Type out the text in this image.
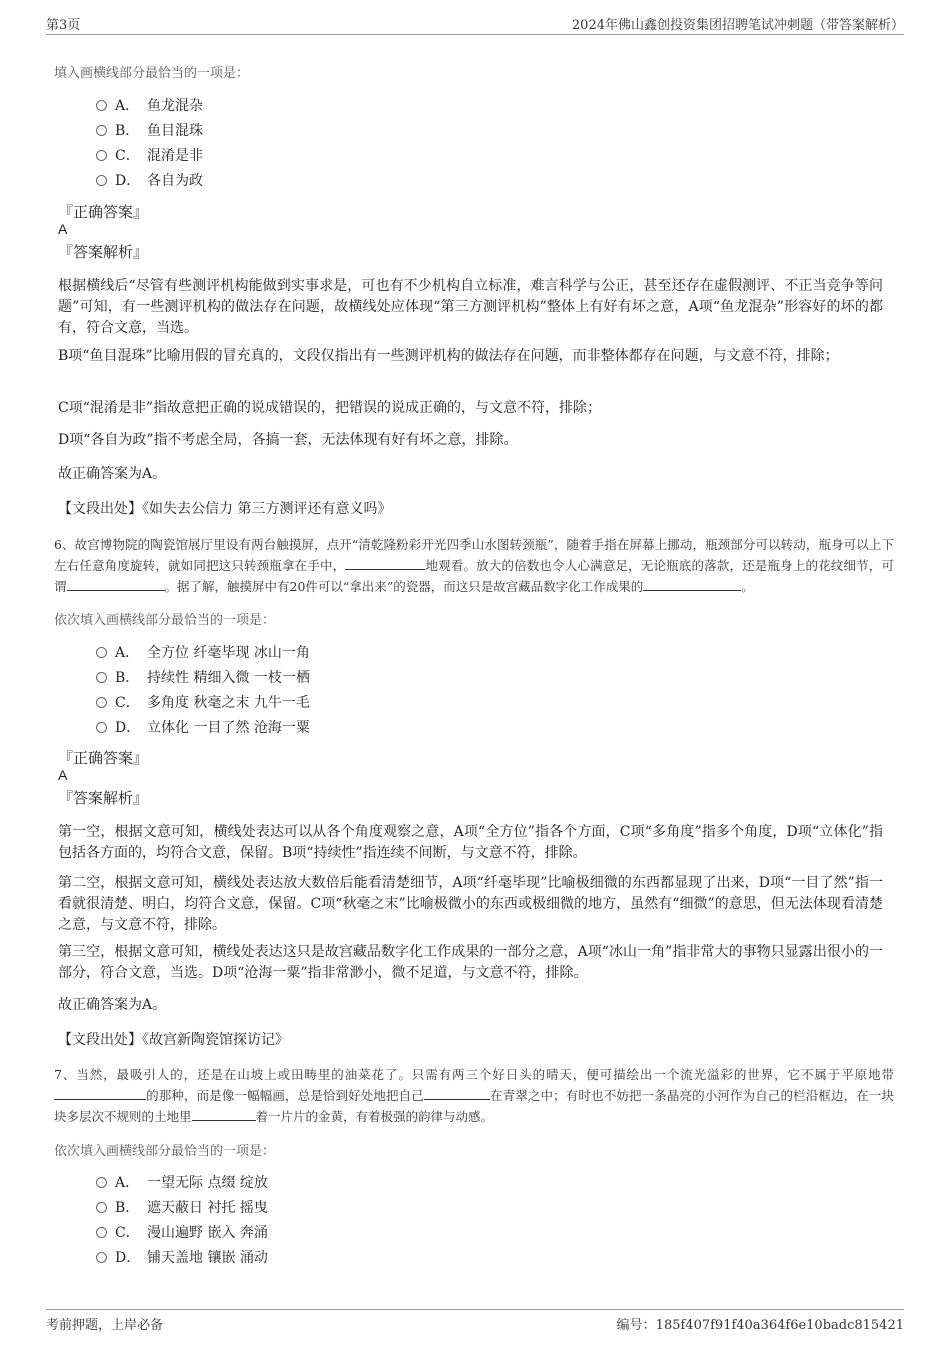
第3页	2024年佛山鑫创投资集团招聘笔试冲刺题（带答案解析）
填入画横线部分最恰当的一项是：
A． 鱼龙混杂
B． 鱼目混珠
C． 混淆是非
D． 各自为政
『正确答案』
A
『答案解析』
根据横线后“尽管有些测评机构能做到实事求是，可也有不少机构自立标准，难言科学与公正，甚至还存在虚假测评、不正当竞争等问题”可知，有一些测评机构的做法存在问题，故横线处应体现“第三方测评机构”整体上有好有坏之意，A项“鱼龙混杂”形容好的坏的都有，符合文意，当选。
B项“鱼目混珠”比喻用假的冒充真的，文段仅指出有一些测评机构的做法存在问题，而非整体都存在问题，与文意不符，排除；
C项“混淆是非”指故意把正确的说成错误的，把错误的说成正确的，与文意不符，排除；
D项“各自为政”指不考虑全局，各搞一套，无法体现有好有坏之意，排除。
故正确答案为A。
【文段出处】《如失去公信力 第三方测评还有意义吗》
6、故宫博物院的陶瓷馆展厅里设有两台触摸屏，点开“清乾隆粉彩开光四季山水图转颈瓶”，随着手指在屏幕上挪动，瓶颈部分可以转动，瓶身可以上下左右任意角度旋转，就如同把这只转颈瓶拿在手中，	地观看。放大的倍数也令人心满意足，无论瓶底的落款，还是瓶身上的花纹细节，可谓	。据了解，触摸屏中有20件可以“拿出来”的瓷器，而这只是故宫藏品数字化工作成果的	。
依次填入画横线部分最恰当的一项是：
A． 全方位 纤毫毕现 冰山一角
B． 持续性 精细入微 一枝一栖
C． 多角度 秋毫之末 九牛一毛
D． 立体化 一目了然 沧海一粟
『正确答案』
A
『答案解析』
第一空，根据文意可知，横线处表达可以从各个角度观察之意，A项“全方位”指各个方面，C项“多角度”指多个角度，D项“立体化”指包括各方面的，均符合文意，保留。B项“持续性”指连续不间断，与文意不符，排除。
第二空，根据文意可知，横线处表达放大数倍后能看清楚细节，A项“纤毫毕现”比喻极细微的东西都显现了出来，D项“一目了然”指一看就很清楚、明白，均符合文意，保留。C项“秋毫之末”比喻极微小的东西或极细微的地方，虽然有“细微”的意思，但无法体现看清楚之意，与文意不符，排除。
第三空，根据文意可知，横线处表达这只是故宫藏品数字化工作成果的一部分之意，A项“冰山一角”指非常大的事物只显露出很小的一部分，符合文意，当选。D项“沧海一粟”指非常渺小，微不足道，与文意不符，排除。
故正确答案为A。
【文段出处】《故宫新陶瓷馆探访记》
7、当然，最吸引人的，还是在山坡上或田畴里的油菜花了。只需有两三个好日头的晴天，便可描绘出一个流光溢彩的世界，它不属于平原地带的那种，而是像一幅幅画，总是恰到好处地把自己	在青翠之中；有时也不妨把一条晶亮的小河作为自己的栏沿框边，在一块块多层次不规则的土地里	着一片片的金黄，有着极强的韵律与动感。
依次填入画横线部分最恰当的一项是：
A． 一望无际 点缀 绽放
B． 遮天蔽日 衬托 摇曳
C． 漫山遍野 嵌入 奔涌
D． 铺天盖地 镶嵌 涌动
考前押题，上岸必备	编号：185f407f91f40a364f6e10badc815421
